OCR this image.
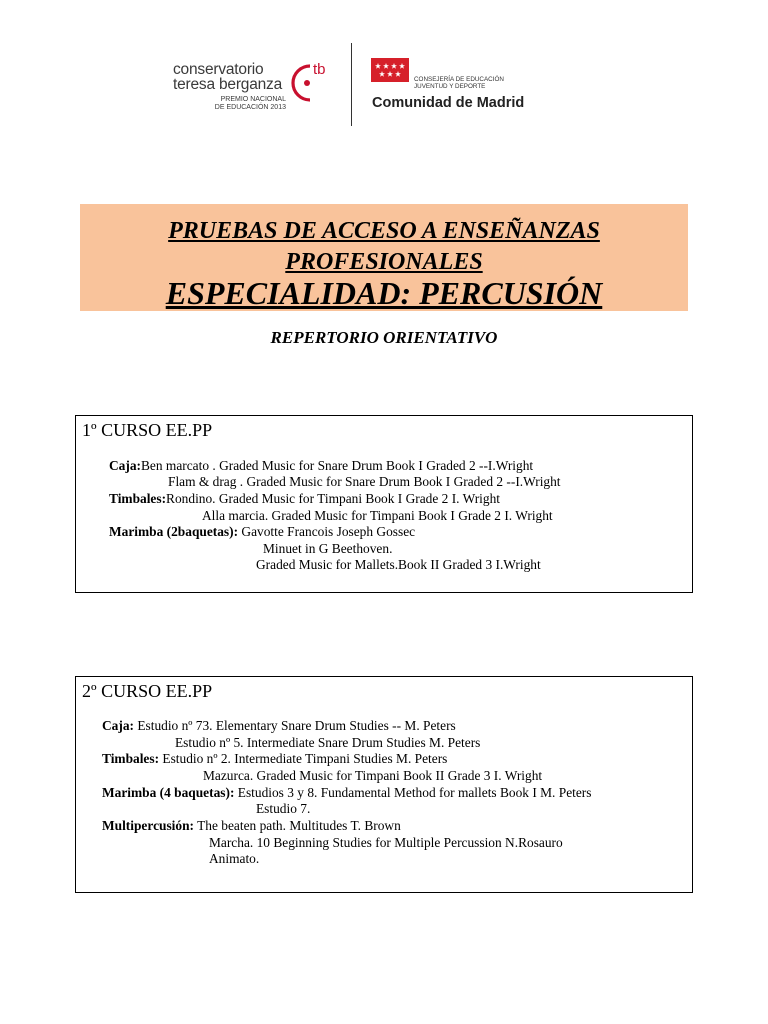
conservatorio
teresa berganza
PREMIO NACIONAL
DE EDUCACIÓN 2013
tb
CONSEJERÍA DE EDUCACIÓN
JUVENTUD Y DEPORTE
Comunidad de Madrid
PRUEBAS DE ACCESO A ENSEÑANZAS
PROFESIONALES
ESPECIALIDAD: PERCUSIÓN
REPERTORIO ORIENTATIVO
1º CURSO EE.PP
Caja:Ben marcato . Graded Music for Snare Drum Book I Graded 2 --I.Wright
Flam & drag . Graded Music for Snare Drum Book I Graded 2 --I.Wright
Timbales:Rondino. Graded Music for Timpani Book I Grade 2 I. Wright
Alla marcia. Graded Music for Timpani Book I Grade 2 I. Wright
Marimba (2baquetas): Gavotte Francois Joseph Gossec
Minuet in G Beethoven.
Graded Music for Mallets.Book II Graded 3 I.Wright
2º CURSO EE.PP
Caja: Estudio nº 73. Elementary Snare Drum Studies -- M. Peters
Estudio nº 5. Intermediate Snare Drum Studies M. Peters
Timbales: Estudio nº 2. Intermediate Timpani Studies M. Peters
Mazurca. Graded Music for Timpani Book II Grade 3 I. Wright
Marimba (4 baquetas): Estudios 3 y 8. Fundamental Method for mallets Book I M. Peters
Estudio 7.
Multipercusión: The beaten path. Multitudes T. Brown
Marcha. 10 Beginning Studies for Multiple Percussion N.Rosauro
Animato.
